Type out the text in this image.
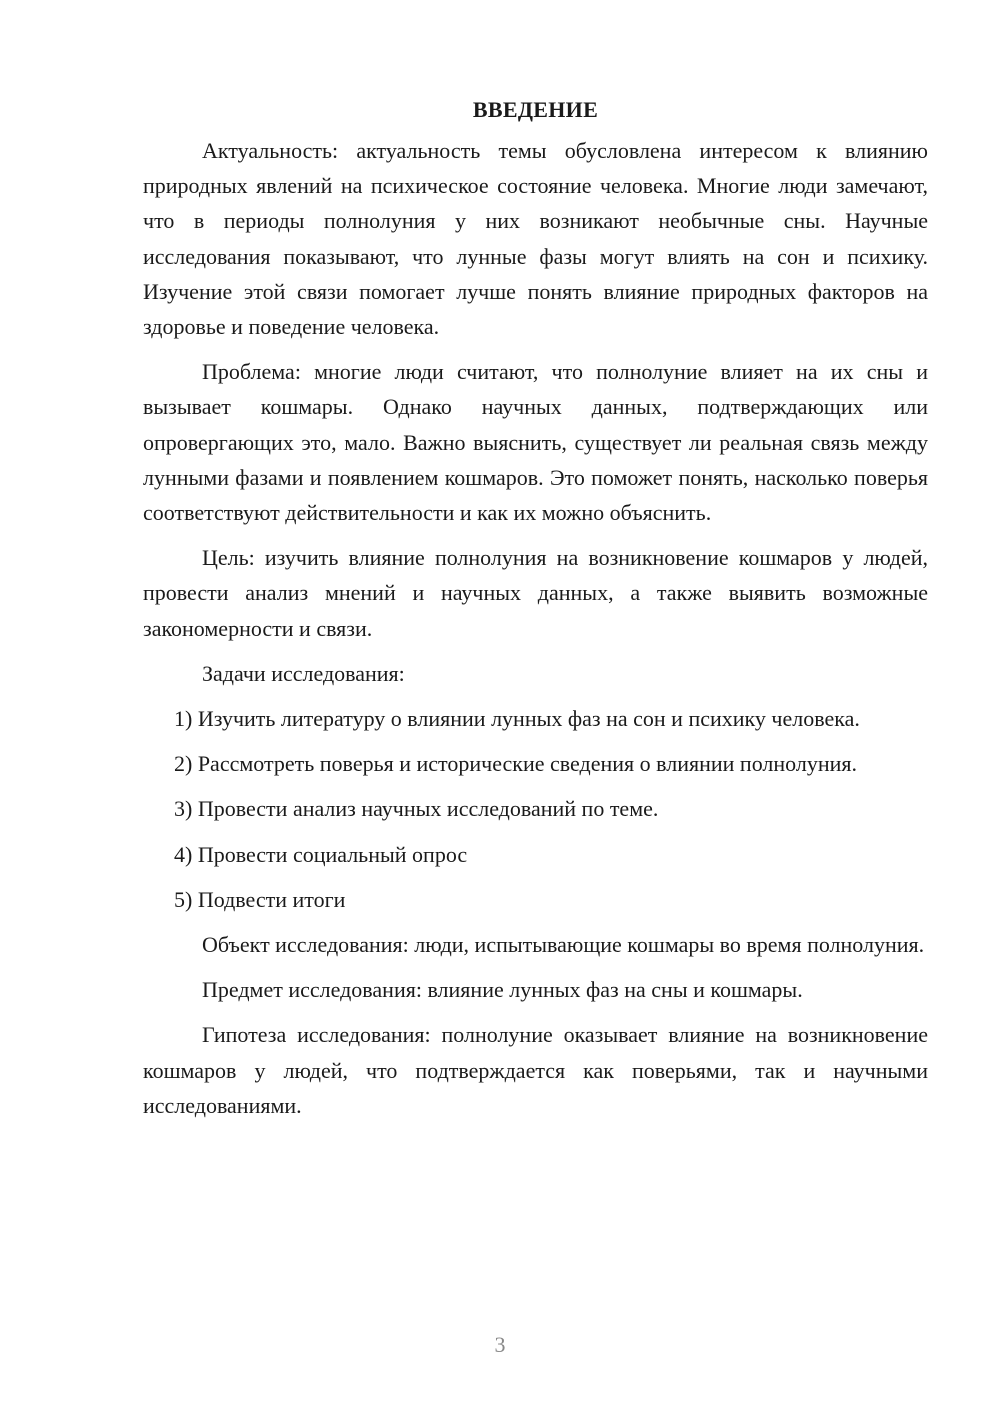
ВВЕДЕНИЕ

Актуальность: актуальность темы обусловлена интересом к влиянию природных явлений на психическое состояние человека. Многие люди замечают, что в периоды полнолуния у них возникают необычные сны. Научные исследования показывают, что лунные фазы могут влиять на сон и психику. Изучение этой связи помогает лучше понять влияние природных факторов на здоровье и поведение человека.

Проблема: многие люди считают, что полнолуние влияет на их сны и вызывает кошмары. Однако научных данных, подтверждающих или опровергающих это, мало. Важно выяснить, существует ли реальная связь между лунными фазами и появлением кошмаров. Это поможет понять, насколько поверья соответствуют действительности и как их можно объяснить.

Цель: изучить влияние полнолуния на возникновение кошмаров у людей, провести анализ мнений и научных данных, а также выявить возможные закономерности и связи.

Задачи исследования:

1) Изучить литературу о влиянии лунных фаз на сон и психику человека.

2) Рассмотреть поверья и исторические сведения о влиянии полнолуния.

3) Провести анализ научных исследований по теме.

4) Провести социальный опрос

5) Подвести итоги

Объект исследования: люди, испытывающие кошмары во время полнолуния.

Предмет исследования: влияние лунных фаз на сны и кошмары.

Гипотеза исследования: полнолуние оказывает влияние на возникновение кошмаров у людей, что подтверждается как поверьями, так и научными исследованиями.

3
